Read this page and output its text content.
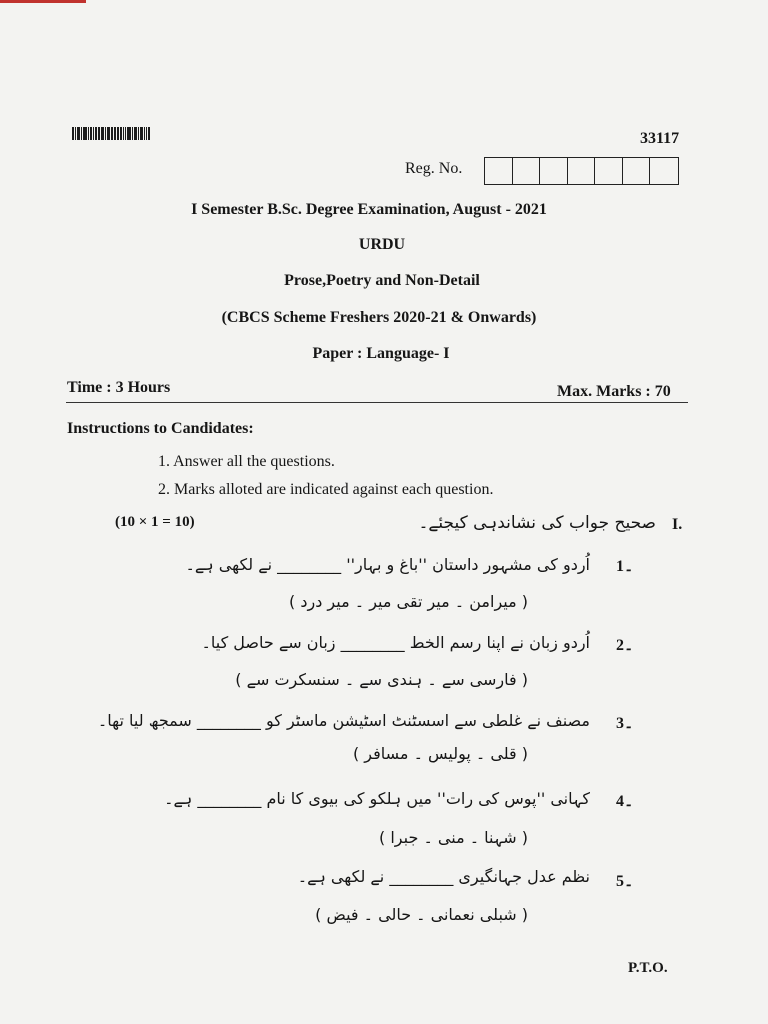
33117
Reg. No.
I Semester B.Sc. Degree Examination, August - 2021
URDU
Prose,Poetry and Non-Detail
(CBCS Scheme Freshers 2020-21 & Onwards)
Paper : Language- I
Time : 3 Hours	Max. Marks : 70
Instructions to Candidates:
1. Answer all the questions.
2. Marks alloted are indicated against each question.
(10 × 1 = 10)	I.
صحیح جواب کی نشاندہی کیجئے۔
1۔
اُردو کی مشہور داستان ''باغ و بہار'' ________ نے لکھی ہے۔
( میرامن ۔ میر تقی میر ۔ میر درد )
2۔
اُردو زبان نے اپنا رسم الخط ________ زبان سے حاصل کیا۔
( فارسی سے ۔ ہندی سے ۔ سنسکرت سے )
3۔
مصنف نے غلطی سے اسسٹنٹ اسٹیشن ماسٹر کو ________ سمجھ لیا تھا۔
( قلی ۔ پولیس ۔ مسافر )
4۔
کہانی ''پوس کی رات'' میں ہلکو کی بیوی کا نام ________ ہے۔
( شہنا ۔ منی ۔ جبرا )
5۔
نظم عدل جہانگیری ________ نے لکھی ہے۔
( شبلی نعمانی ۔ حالی ۔ فیض )
P.T.O.
